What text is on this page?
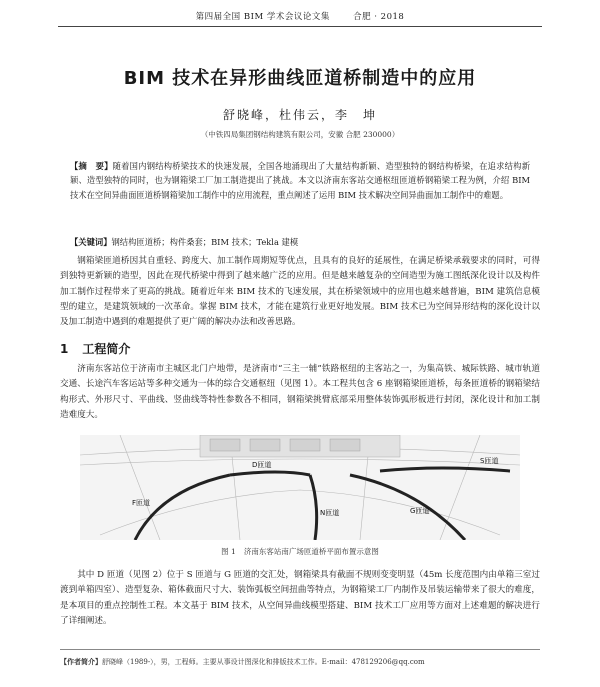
第四届全国 BIM 学术会议论文集	合肥 · 2018
BIM 技术在异形曲线匝道桥制造中的应用
舒晓峰，杜伟云，李　坤
（中铁四局集团钢结构建筑有限公司，安徽 合肥 230000）
【摘　要】随着国内钢结构桥梁技术的快速发展，全国各地涌现出了大量结构新颖、造型独特的钢结构桥梁，在追求结构新颖、造型独特的同时，也为钢箱梁工厂加工制造提出了挑战。本文以济南东客站交通枢纽匝道桥钢箱梁工程为例，介绍 BIM 技术在空间异曲面匝道桥钢箱梁加工制作中的应用流程，重点阐述了运用 BIM 技术解决空间异曲面加工制作中的难题。
【关键词】钢结构匝道桥；构件桑套；BIM 技术；Tekla 建模
钢箱梁匝道桥因其自重轻、跨度大、加工制作周期短等优点，且具有的良好的延展性，在满足桥梁承载要求的同时，可得到独特更新颖的造型，因此在现代桥梁中得到了越来越广泛的应用。但是越来越复杂的空间造型为施工图纸深化设计以及构件加工制作过程带来了更高的挑战。随着近年来 BIM 技术的飞速发展，其在桥梁领域中的应用也越来越普遍，BIM 建筑信息模型的建立，是建筑领域的一次革命。掌握 BIM 技术，才能在建筑行业更好地发展。BIM 技术已为空间异形结构的深化设计以及加工制造中遇到的难题提供了更广阔的解决办法和改善思路。
1 工程简介
济南东客站位于济南市主城区北门户地带，是济南市“三主一辅”铁路枢纽的主客站之一，为集高铁、城际铁路、城市轨道交通、长途汽车客运站等多种交通为一体的综合交通枢纽（见图 1）。本工程共包含 6 座钢箱梁匝道桥，每条匝道桥的钢箱梁结构形式、外形尺寸、平曲线、竖曲线等特性参数各不相同，钢箱梁挑臂底部采用整体装饰弧形板进行封闭，深化设计和加工制造难度大。
F匝道
D匝道
N匝道	G匝道
S匝道
图 1 济南东客站南广场匝道桥平面布置示意图
其中 D 匝道（见图 2）位于 S 匝道与 G 匝道的交汇处，钢箱梁具有截面不规则变变明显（45m 长度范围内由单箱三室过渡到单箱四室）、造型复杂、箱体截面尺寸大、装饰弧板空间扭曲等特点，为钢箱梁工厂内制作及吊装运输带来了很大的难度，是本项目的重点控制性工程。本文基于 BIM 技术，从空间异曲线模型搭建、BIM 技术工厂应用等方面对上述难题的解决进行了详细阐述。
【作者简介】舒晓峰（1989-），男，工程师。主要从事设计图深化和排版技术工作。E-mail：478129206@qq.com
